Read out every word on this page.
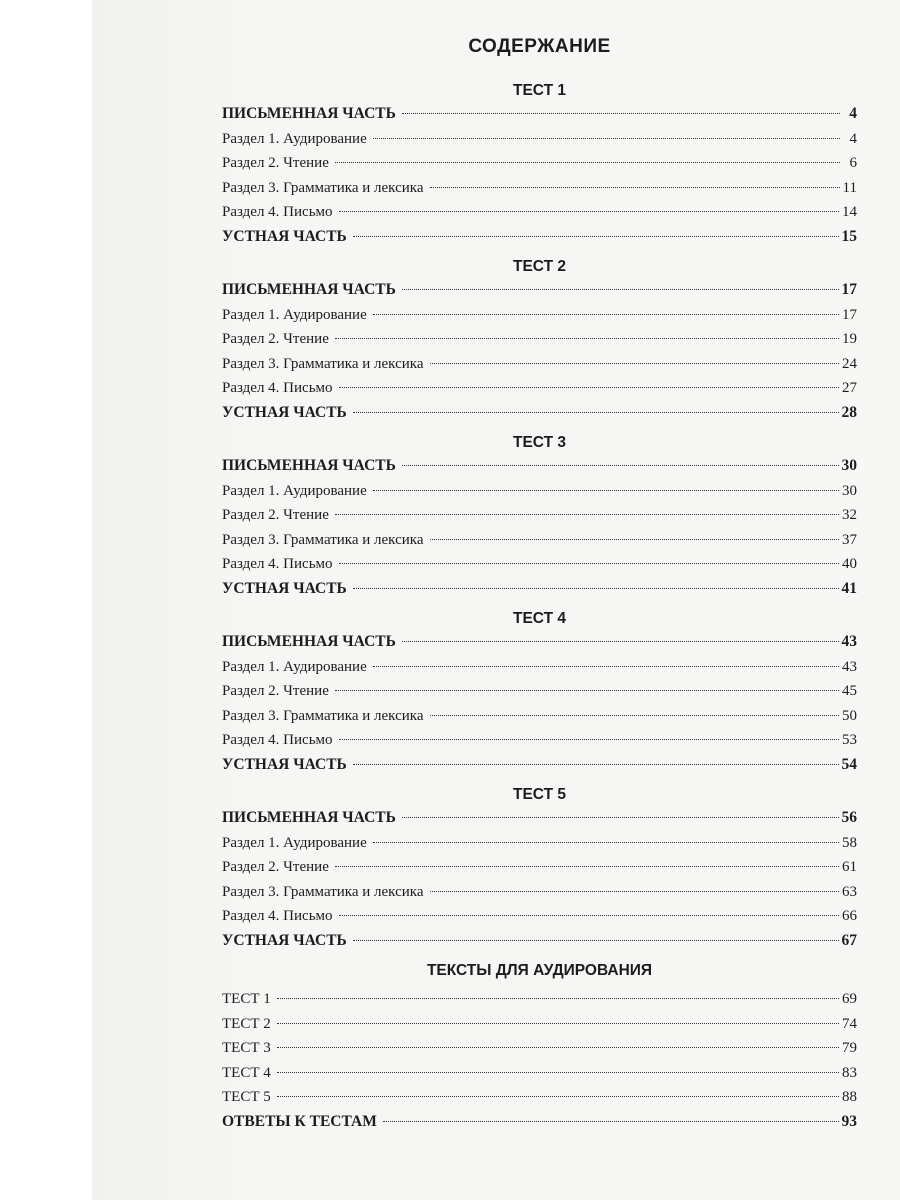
СОДЕРЖАНИЕ
ТЕСТ 1
ПИСЬМЕННАЯ ЧАСТЬ	4
Раздел 1. Аудирование	4
Раздел 2. Чтение	6
Раздел 3. Грамматика и лексика	11
Раздел 4. Письмо	14
УСТНАЯ ЧАСТЬ	15
ТЕСТ 2
ПИСЬМЕННАЯ ЧАСТЬ	17
Раздел 1. Аудирование	17
Раздел 2. Чтение	19
Раздел 3. Грамматика и лексика	24
Раздел 4. Письмо	27
УСТНАЯ ЧАСТЬ	28
ТЕСТ 3
ПИСЬМЕННАЯ ЧАСТЬ	30
Раздел 1. Аудирование	30
Раздел 2. Чтение	32
Раздел 3. Грамматика и лексика	37
Раздел 4. Письмо	40
УСТНАЯ ЧАСТЬ	41
ТЕСТ 4
ПИСЬМЕННАЯ ЧАСТЬ	43
Раздел 1. Аудирование	43
Раздел 2. Чтение	45
Раздел 3. Грамматика и лексика	50
Раздел 4. Письмо	53
УСТНАЯ ЧАСТЬ	54
ТЕСТ 5
ПИСЬМЕННАЯ ЧАСТЬ	56
Раздел 1. Аудирование	58
Раздел 2. Чтение	61
Раздел 3. Грамматика и лексика	63
Раздел 4. Письмо	66
УСТНАЯ ЧАСТЬ	67
ТЕКСТЫ ДЛЯ АУДИРОВАНИЯ
ТЕСТ 1	69
ТЕСТ 2	74
ТЕСТ 3	79
ТЕСТ 4	83
ТЕСТ 5	88
ОТВЕТЫ К ТЕСТАМ	93
